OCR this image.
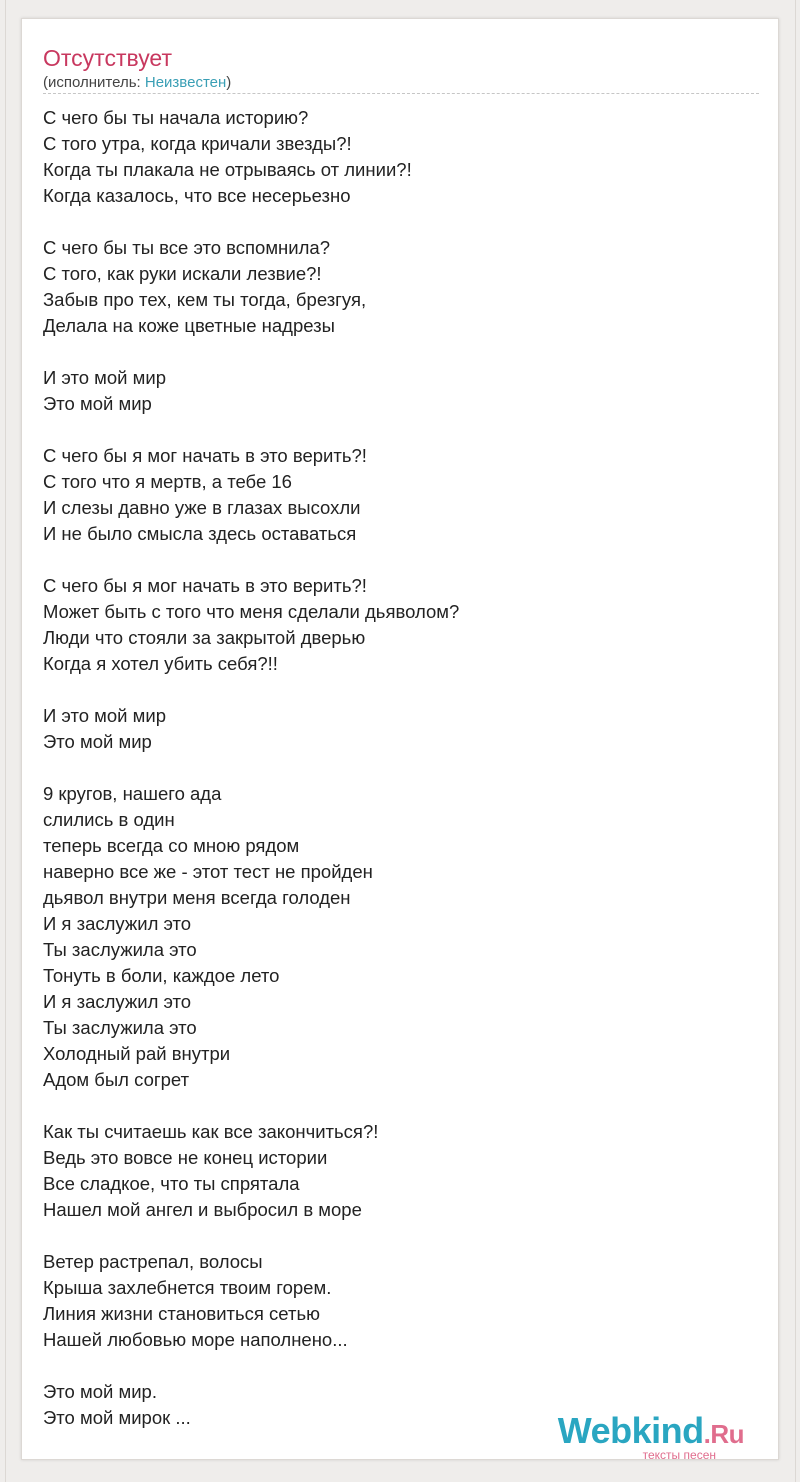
Отсутствует
(исполнитель: Неизвестен)
С чего бы ты начала историю?
С того утра, когда кричали звезды?!
Когда ты плакала не отрываясь от линии?!
Когда казалось, что все несерьезно
С чего бы ты все это вспомнила?
С того, как руки искали лезвие?!
Забыв про тех, кем ты тогда, брезгуя,
Делала на коже цветные надрезы
И это мой мир
Это мой мир
С чего бы я мог начать в это верить?!
С того что я мертв, а тебе 16
И слезы давно уже в глазах высохли
И не было смысла здесь оставаться
С чего бы я мог начать в это верить?!
Может быть с того что меня сделали дьяволом?
Люди что стояли за закрытой дверью
Когда я хотел убить себя?!!
И это мой мир
Это мой мир
9 кругов, нашего ада
слились в один
теперь всегда со мною рядом
наверно все же - этот тест не пройден
дьявол внутри меня всегда голоден
И я заслужил это
Ты заслужила это
Тонуть в боли, каждое лето
И я заслужил это
Ты заслужила это
Холодный рай внутри
Адом был согрет
Как ты считаешь как все закончиться?!
Ведь это вовсе не конец истории
Все сладкое, что ты спрятала
Нашел мой ангел и выбросил в море
Ветер растрепал, волосы
Крыша захлебнется твоим горем.
Линия жизни становиться сетью
Нашей любовью море наполнено...
Это мой мир.
Это мой мирок ...	Webkind.Ru
тексты песен
